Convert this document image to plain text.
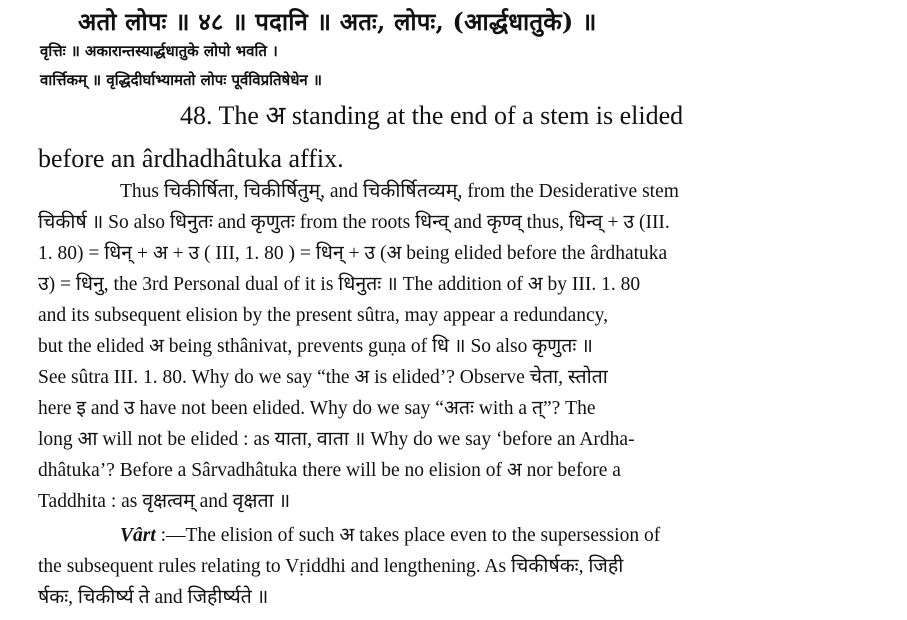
अतो लोपः ॥ ४८ ॥ पदानि ॥ अतः, लोपः, (आर्द्धधातुके) ॥
वृत्तिः ॥ अकारान्तस्यार्द्धधातुके लोपो भवति ।
वार्त्तिकम् ॥ वृद्धिदीर्घाभ्यामतो लोपः पूर्वविप्रतिषेधेन ॥
48. The अ standing at the end of a stem is elided
before an ârdhadhâtuka affix.
Thus चिकीर्षिता, चिकीर्षितुम्, and चिकीर्षितव्यम्, from the Desiderative stem
चिकीर्ष ॥ So also धिनुतः and कृणुतः from the roots धिन्व् and कृण्व् thus, धिन्व् + उ (III.
1. 80) = धिन् + अ + उ ( III, 1. 80 ) = धिन् + उ (अ being elided before the ârdhatuka
उ) = धिनु, the 3rd Personal dual of it is धिनुतः ॥ The addition of अ by III. 1. 80
and its subsequent elision by the present sûtra, may appear a redundancy,
but the elided अ being sthânivat, prevents guṇa of धि ॥ So also कृणुतः ॥
See sûtra III. 1. 80. Why do we say “the अ is elided’? Observe चेता, स्तोता
here इ and उ have not been elided. Why do we say “अतः with a त्”? The
long आ will not be elided : as याता, वाता ॥ Why do we say ‘before an Ardha-
dhâtuka’? Before a Sârvadhâtuka there will be no elision of अ nor before a
Taddhita : as वृक्षत्वम् and वृक्षता ॥
Vârt :—The elision of such अ takes place even to the supersession of
the subsequent rules relating to Vṛiddhi and lengthening. As चिकीर्षकः, जिही
र्षकः, चिकीर्ष्य ते and जिहीर्ष्यते ॥
